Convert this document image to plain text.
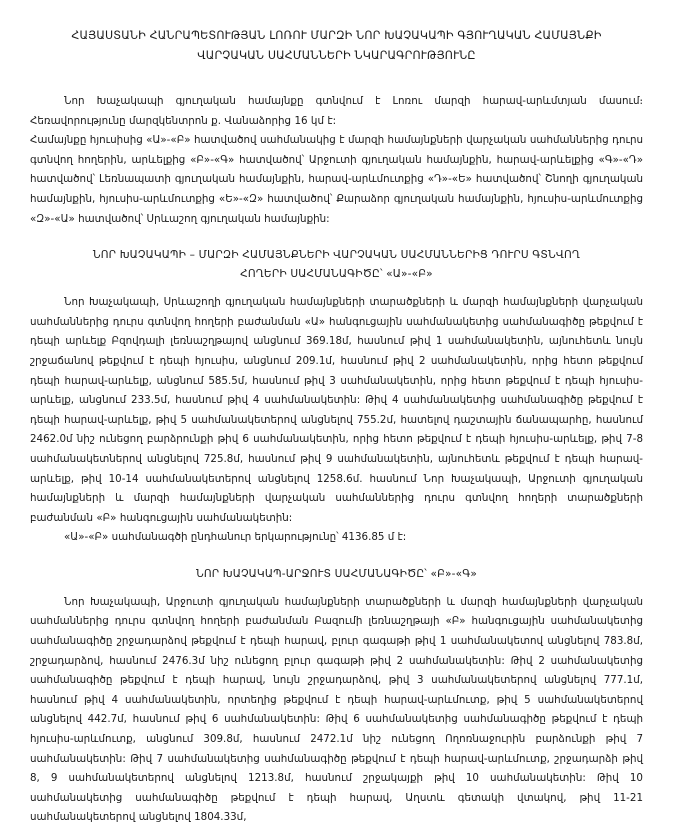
ՀԱՅԱՍՏԱՆԻ ՀԱՆՐԱՊԵՏՈՒԹՅԱՆ ԼՈՌՈՒ ՄԱՐԶԻ ՆՈՐ ԽԱՉԱԿԱՊԻ ԳՅՈՒՂԱԿԱՆ ՀԱՄԱՅՆՔԻ
ՎԱՐՉԱԿԱՆ ՍԱՀՄԱՆՆԵՐԻ ՆԿԱՐԱԳՐՈՒԹՅՈՒՆԸ

Նոր Խաչակապի գյուղական համայնքը գտնվում է Լոռու մարզի հարավ-արևմտյան մասում։ Հեռավորությունը մարզկենտրոն ք. Վանաձորից 16 կմ է:

Համայնքը հյուսիսից «Ա»-«Բ» հատվածով սահմանակից է մարզի համայնքների վարչական սահմաններից դուրս գտնվող հողերին, արևելքից «Բ»-«Գ» հատվածով՝ Արջուտի գյուղական համայնքին, հարավ-արևելքից «Գ»-«Դ» հատվածով՝ Լեռնապատի գյուղական համայնքին, հարավ-արևմուտքից «Դ»-«Ե» հատվածով՝ Շնողի գյուղական համայնքին, հյուսիս-արևմուտքից «Ե»-«Զ» հատվածով՝ Քարաձոր գյուղական համայնքին, հյուսիս-արևմուտքից «Զ»-«Ա» հատվածով՝ Սրևաշող գյուղական համայնքին:

ՆՈՐ ԽԱՉԱԿԱՊԻ – ՄԱՐԶԻ ՀԱՄԱՅՆՔՆԵՐԻ ՎԱՐՉԱԿԱՆ ՍԱՀՄԱՆՆԵՐԻՑ ԴՈՒՐՍ ԳՏՆՎՈՂ
ՀՈՂԵՐԻ ՍԱՀՄԱՆԱԳԻԾԸ՝ «Ա»-«Բ»

Նոր Խաչակապի, Սրևաշողի գյուղական համայնքների տարածքների և մարզի համայնքների վարչական սահմաններից դուրս գտնվող հողերի բաժանման «Ա» հանգուցային սահմանակետից սահմանագիծը թեքվում է դեպի արևելք Բզովդալի լեռնաշղթայով անցնում 369.18մ, հասնում թիվ 1 սահմանակետին, այնուհետև նույն շրջաճանով թեքվում է դեպի հյուսիս, անցնում 209.1մ, հասնում թիվ 2 սահմանակետին, որից հետո թեքվում դեպի հարավ-արևելք, անցնում 585.5մ, հասնում թիվ 3 սահմանակետին, որից հետո թեքվում է դեպի հյուսիս-արևելք, անցնում 233.5մ, հասնում թիվ 4 սահմանակետին: Թիվ 4 սահմանակետից սահմանագիծը թեքվում է դեպի հարավ-արևելք, թիվ 5 սահմանակետերով անցնելով 755.2մ, հատելով դաշտային ճանապարհը, հասնում 2462.0մ նիշ ունեցող բարձրունքի թիվ 6 սահմանակետին, որից հետո թեքվում է դեպի հյուսիս-արևելք, թիվ 7-8 սահմանակետներով անցնելով 725.8մ, հասնում թիվ 9 սահմանակետին, այնուհետև թեքվում է դեպի հարավ-արևելք, թիվ 10-14 սահմանակետերով անցնելով 1258.6մ. հասնում Նոր Խաչակապի, Արջուտի գյուղական համայնքների և մարզի համայնքների վարչական սահմաններից դուրս գտնվող հողերի տարածքների բաժանման «Բ» հանգուցային սահմանակետին:

«Ա»-«Բ» սահմանագծի ընդհանուր երկարությունը՝ 4136.85 մ է:

ՆՈՐ ԽԱՉԱԿԱՊ-ԱՐՋՈՒՏ ՍԱՀՄԱՆԱԳԻԾԸ՝ «Բ»-«Գ»

Նոր Խաչակապի, Արջուտի գյուղական համայնքների տարածքների և մարզի համայնքների վարչական սահմաններից դուրս գտնվող հողերի բաժանման Բազումի լեռնաշղթայի «Բ» հանգուցային սահմանակետից սահմանագիծը շրջադարձով թեքվում է դեպի հարավ, բլուր գագաթի թիվ 1 սահմանակետով անցնելով 783.8մ, շրջադարձով, հասնում 2476.3մ նիշ ունեցող բլուր գագաթի թիվ 2 սահմանակետին: Թիվ 2 սահմանակետից սահմանագիծը թեքվում է դեպի հարավ, նույն շրջադարձով, թիվ 3 սահմանակետերով անցնելով 777.1մ, հասնում թիվ 4 սահմանակետին, որտեղից թեքվում է դեպի հարավ-արևմուտք, թիվ 5 սահմանակետերով անցնելով 442.7մ, հասնում թիվ 6 սահմանակետին: Թիվ 6 սահմանակետից սահմանագիծը թեքվում է դեպի հյուսիս-արևմուտք, անցնում 309.8մ, հասնում 2472.1մ նիշ ունեցող Ողոռնաջուրին բարձունքի թիվ 7 սահմանակետին: Թիվ 7 սահմանակետից սահմանագիծը թեքվում է դեպի հարավ-արևմուտք, շրջադարձի թիվ 8, 9 սահմանակետերով անցնելով 1213.8մ, հասնում շրջակայքի թիվ 10 սահմանակետին: Թիվ 10 սահմանակետից սահմանագիծը թեքվում է դեպի հարավ, Աղստև գետակի վտակով, թիվ 11-21 սահմանակետերով անցնելով 1804.33մ,
